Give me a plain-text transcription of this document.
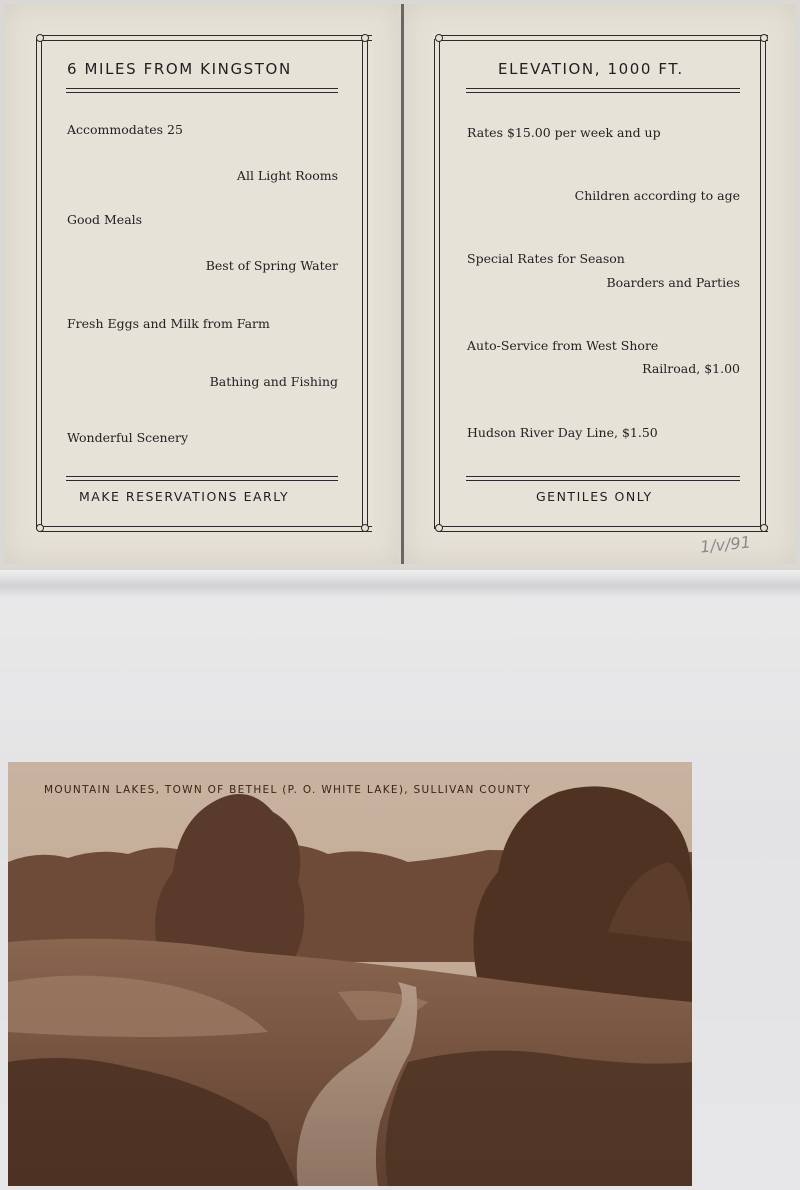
6 MILES FROM KINGSTON
Accommodates 25
All Light Rooms
Good Meals
Best of Spring Water
Fresh Eggs and Milk from Farm
Bathing and Fishing
Wonderful Scenery
MAKE RESERVATIONS EARLY
ELEVATION, 1000 FT.
Rates $15.00 per week and up
Children according to age
Special Rates for Season
Boarders and Parties
Auto-Service from West Shore
Railroad, $1.00
Hudson River Day Line, $1.50
GENTILES ONLY
1/v/91
MOUNTAIN LAKES, TOWN OF BETHEL (P. O. WHITE LAKE), SULLIVAN COUNTY
